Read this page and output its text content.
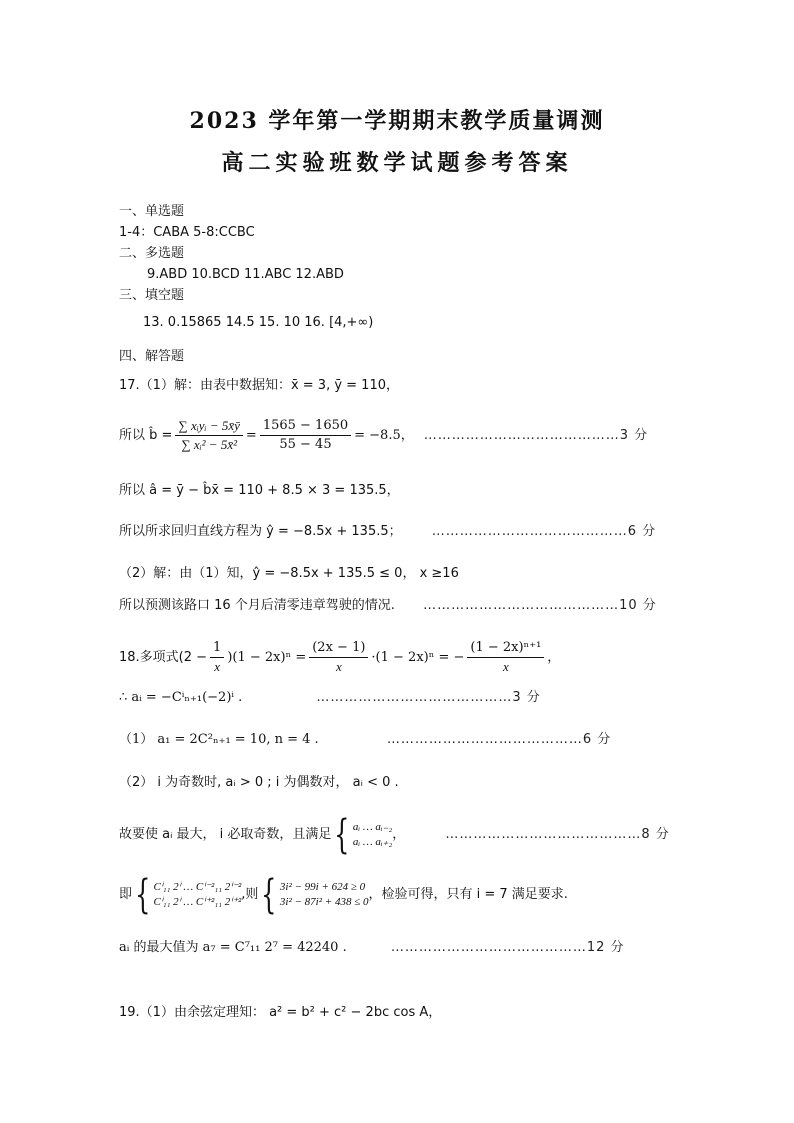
2023 学年第一学期期末教学质量调测
高二实验班数学试题参考答案
一、单选题
1-4：CABA 5-8:CCBC
二、多选题
9.ABD 10.BCD 11.ABC 12.ABD
三、填空题
13. 0.15865 14.5 15. 10 16. [4,+∞)
四、解答题
17.（1）解：由表中数据知：x̄ = 3, ȳ = 110，
所以 b̂ = $\frac{\text{∑ xᵢyᵢ − 5x̄ȳ}}{\text{∑ xᵢ² − 5x̄²}} = \frac{1565 - 1650}{55 - 45} = -8.5$， ……………………………………3 分
所以 â = ȳ − b̂x̄ = 110 + 8.5 × 3 = 135.5，
所以所求回归直线方程为 ŷ = −8.5x + 135.5； ……………………………………6 分
（2）解：由（1）知，ŷ = −8.5x + 135.5 ≤ 0， x ≥16
所以预测该路口 16 个月后清零违章驾驶的情况. ……………………………………10 分
18.多项式$(2 - \frac{1}{x} )(1 - 2x)^n = \frac{(2x - 1)}{x} \cdot(1 - 2x)^n$ = − $\frac{\text{(1 − 2x)ⁿ⁺¹}}{x}$ ，
∴ aᵢ = −Cⁱₙ₊₁(−2)ⁱ .	……………………………………3 分
（1） a₁ = 2C²ₙ₊₁ = 10, n = 4 .	……………………………………6 分
（2） i 为奇数时, aᵢ > 0 ; i 为偶数对， aᵢ < 0 .
故要使 aᵢ 最大， i 必取奇数，且满足 { aᵢ … aᵢ₋₂
aᵢ … aᵢ₊₂ ，	……………………………………8 分
即 { Cⁱ₁₁ 2ⁱ … Cⁱ⁻²₁₁ 2ⁱ⁻²
Cⁱ₁₁ 2ⁱ … Cⁱ⁺²₁₁ 2ⁱ⁺² ,则 { 3i² − 99i + 624 ≥ 0
3i² − 87i² + 438 ≤ 0 ，检验可得，只有 i = 7 满足要求.
aᵢ 的最大值为 a₇ = C⁷₁₁ 2⁷ = 42240 .	……………………………………12 分
19.（1）由余弦定理知： a² = b² + c² − 2bc cos A，
